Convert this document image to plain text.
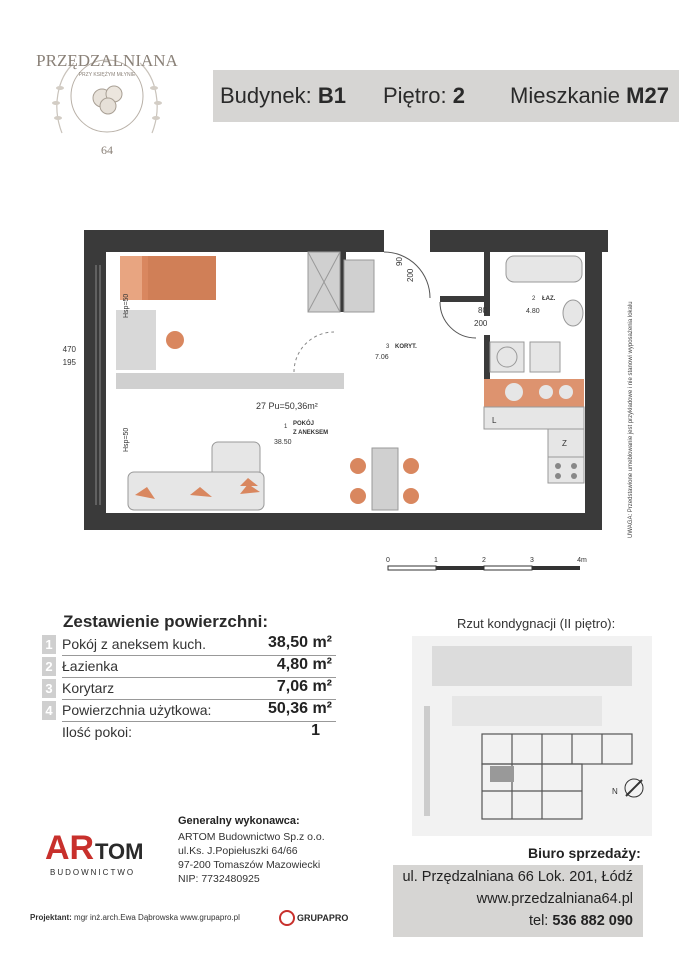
PRZĘDZALNIANA
PRZY KSIĘŻYM MŁYNIE
64
Budynek: B1 Piętro: 2 Mieszkanie M27
470
195
90
200
80
200
Hsp=50
Hsp=50
27 Pu=50,36m²
1 POKÓJ
Z ANEKSEM
38.50
2 ŁAZ.
4.80
3 KORYT.
7.06
L
Z
0	1	2	3	4m
UWAGA: Przedstawione umeblowanie jest przykładowe i nie stanowi wyposażenia lokalu
Zestawienie powierzchni:
1 Pokój z aneksem kuch.	38,50 m²
2 Łazienka	4,80 m²
3 Korytarz	7,06 m²
4 Powierzchnia użytkowa:	50,36 m²
Ilość pokoi:	1
Rzut kondygnacji (II piętro):
N
AR TOM
BUDOWNICTWO
Generalny wykonawca:
ARTOM Budownictwo Sp.z o.o.
ul.Ks. J.Popiełuszki 64/66
97-200 Tomaszów Mazowiecki
NIP: 7732480925
Biuro sprzedaży:
ul. Przędzalniana 66 Lok. 201, Łódź
www.przedzalniana64.pl
tel: 536 882 090
Projektant: mgr inż.arch.Ewa Dąbrowska www.grupapro.pl	GRUPAPRO
